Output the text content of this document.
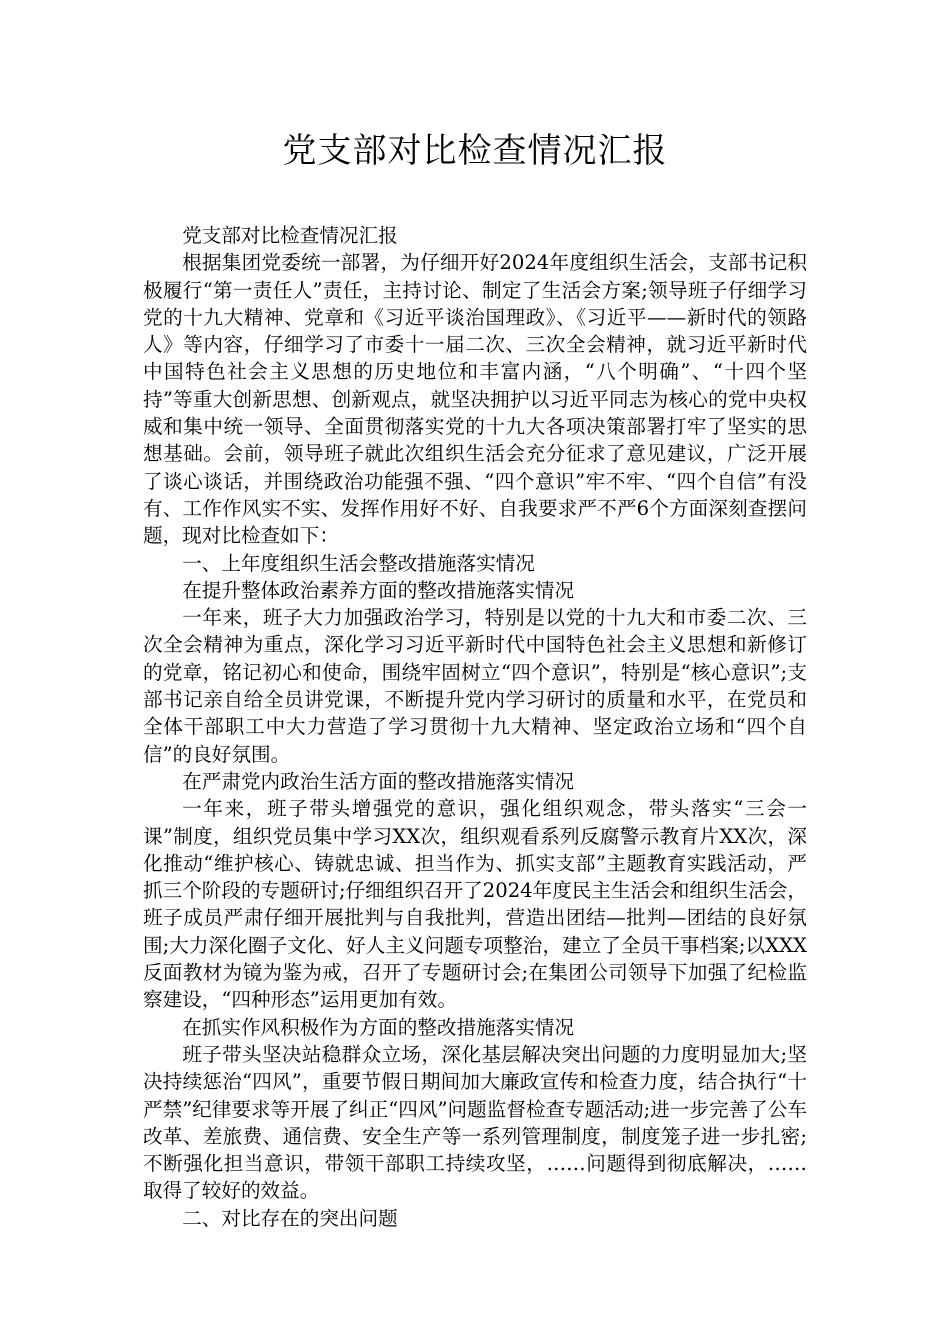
党支部对比检查情况汇报

党支部对比检查情况汇报

根据集团党委统一部署，为仔细开好2024年度组织生活会，支部书记积极履行“第一责任人”责任，主持讨论、制定了生活会方案;领导班子仔细学习党的十九大精神、党章和《习近平谈治国理政》、《习近平——新时代的领路人》等内容，仔细学习了市委十一届二次、三次全会精神，就习近平新时代中国特色社会主义思想的历史地位和丰富内涵，“八个明确”、“十四个坚持”等重大创新思想、创新观点，就坚决拥护以习近平同志为核心的党中央权威和集中统一领导、全面贯彻落实党的十九大各项决策部署打牢了坚实的思想基础。会前，领导班子就此次组织生活会充分征求了意见建议，广泛开展了谈心谈话，并围绕政治功能强不强、“四个意识”牢不牢、“四个自信”有没有、工作作风实不实、发挥作用好不好、自我要求严不严6个方面深刻查摆问题，现对比检查如下：

一、上年度组织生活会整改措施落实情况

在提升整体政治素养方面的整改措施落实情况

一年来，班子大力加强政治学习，特别是以党的十九大和市委二次、三次全会精神为重点，深化学习习近平新时代中国特色社会主义思想和新修订的党章，铭记初心和使命，围绕牢固树立“四个意识”，特别是“核心意识”;支部书记亲自给全员讲党课，不断提升党内学习研讨的质量和水平，在党员和全体干部职工中大力营造了学习贯彻十九大精神、坚定政治立场和“四个自信”的良好氛围。

在严肃党内政治生活方面的整改措施落实情况

一年来，班子带头增强党的意识，强化组织观念，带头落实“三会一课”制度，组织党员集中学习XX次，组织观看系列反腐警示教育片XX次，深化推动“维护核心、铸就忠诚、担当作为、抓实支部”主题教育实践活动，严抓三个阶段的专题研讨;仔细组织召开了2024年度民主生活会和组织生活会，班子成员严肃仔细开展批判与自我批判，营造出团结—批判—团结的良好氛围;大力深化圈子文化、好人主义问题专项整治，建立了全员干事档案;以XXX反面教材为镜为鉴为戒，召开了专题研讨会;在集团公司领导下加强了纪检监察建设，“四种形态”运用更加有效。

在抓实作风积极作为方面的整改措施落实情况

班子带头坚决站稳群众立场，深化基层解决突出问题的力度明显加大;坚决持续惩治“四风”，重要节假日期间加大廉政宣传和检查力度，结合执行“十严禁”纪律要求等开展了纠正“四风”问题监督检查专题活动;进一步完善了公车改革、差旅费、通信费、安全生产等一系列管理制度，制度笼子进一步扎密;不断强化担当意识，带领干部职工持续攻坚，……问题得到彻底解决，……取得了较好的效益。

二、对比存在的突出问题
